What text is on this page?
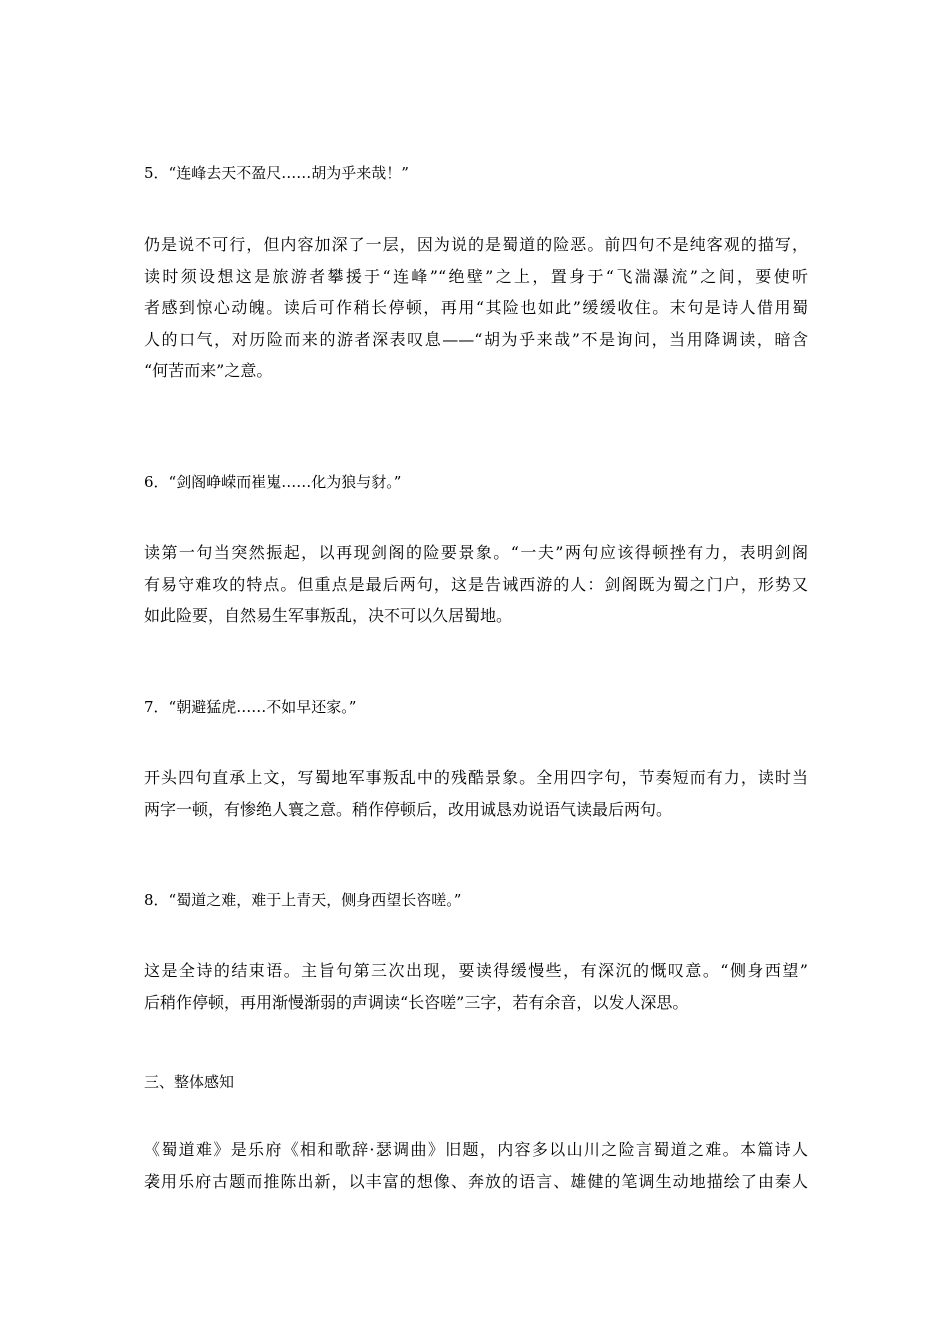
5．“连峰去天不盈尺……胡为乎来哉！”
仍是说不可行，但内容加深了一层，因为说的是蜀道的险恶。前四句不是纯客观的描写，
读时须设想这是旅游者攀援于“连峰”“绝壁”之上，置身于“飞湍瀑流”之间，要使听
者感到惊心动魄。读后可作稍长停顿，再用“其险也如此”缓缓收住。末句是诗人借用蜀
人的口气，对历险而来的游者深表叹息——“胡为乎来哉”不是询问，当用降调读，暗含
“何苦而来”之意。
6．“剑阁峥嵘而崔嵬……化为狼与豺。”
读第一句当突然振起，以再现剑阁的险要景象。“一夫”两句应该得顿挫有力，表明剑阁
有易守难攻的特点。但重点是最后两句，这是告诫西游的人：剑阁既为蜀之门户，形势又
如此险要，自然易生军事叛乱，决不可以久居蜀地。
7．“朝避猛虎……不如早还家。”
开头四句直承上文，写蜀地军事叛乱中的残酷景象。全用四字句，节奏短而有力，读时当
两字一顿，有惨绝人寰之意。稍作停顿后，改用诚恳劝说语气读最后两句。
8．“蜀道之难，难于上青天，侧身西望长咨嗟。”
这是全诗的结束语。主旨句第三次出现，要读得缓慢些，有深沉的慨叹意。“侧身西望”
后稍作停顿，再用渐慢渐弱的声调读“长咨嗟”三字，若有余音，以发人深思。
三、整体感知
《蜀道难》是乐府《相和歌辞·瑟调曲》旧题，内容多以山川之险言蜀道之难。本篇诗人
袭用乐府古题而推陈出新，以丰富的想像、奔放的语言、雄健的笔调生动地描绘了由秦人
